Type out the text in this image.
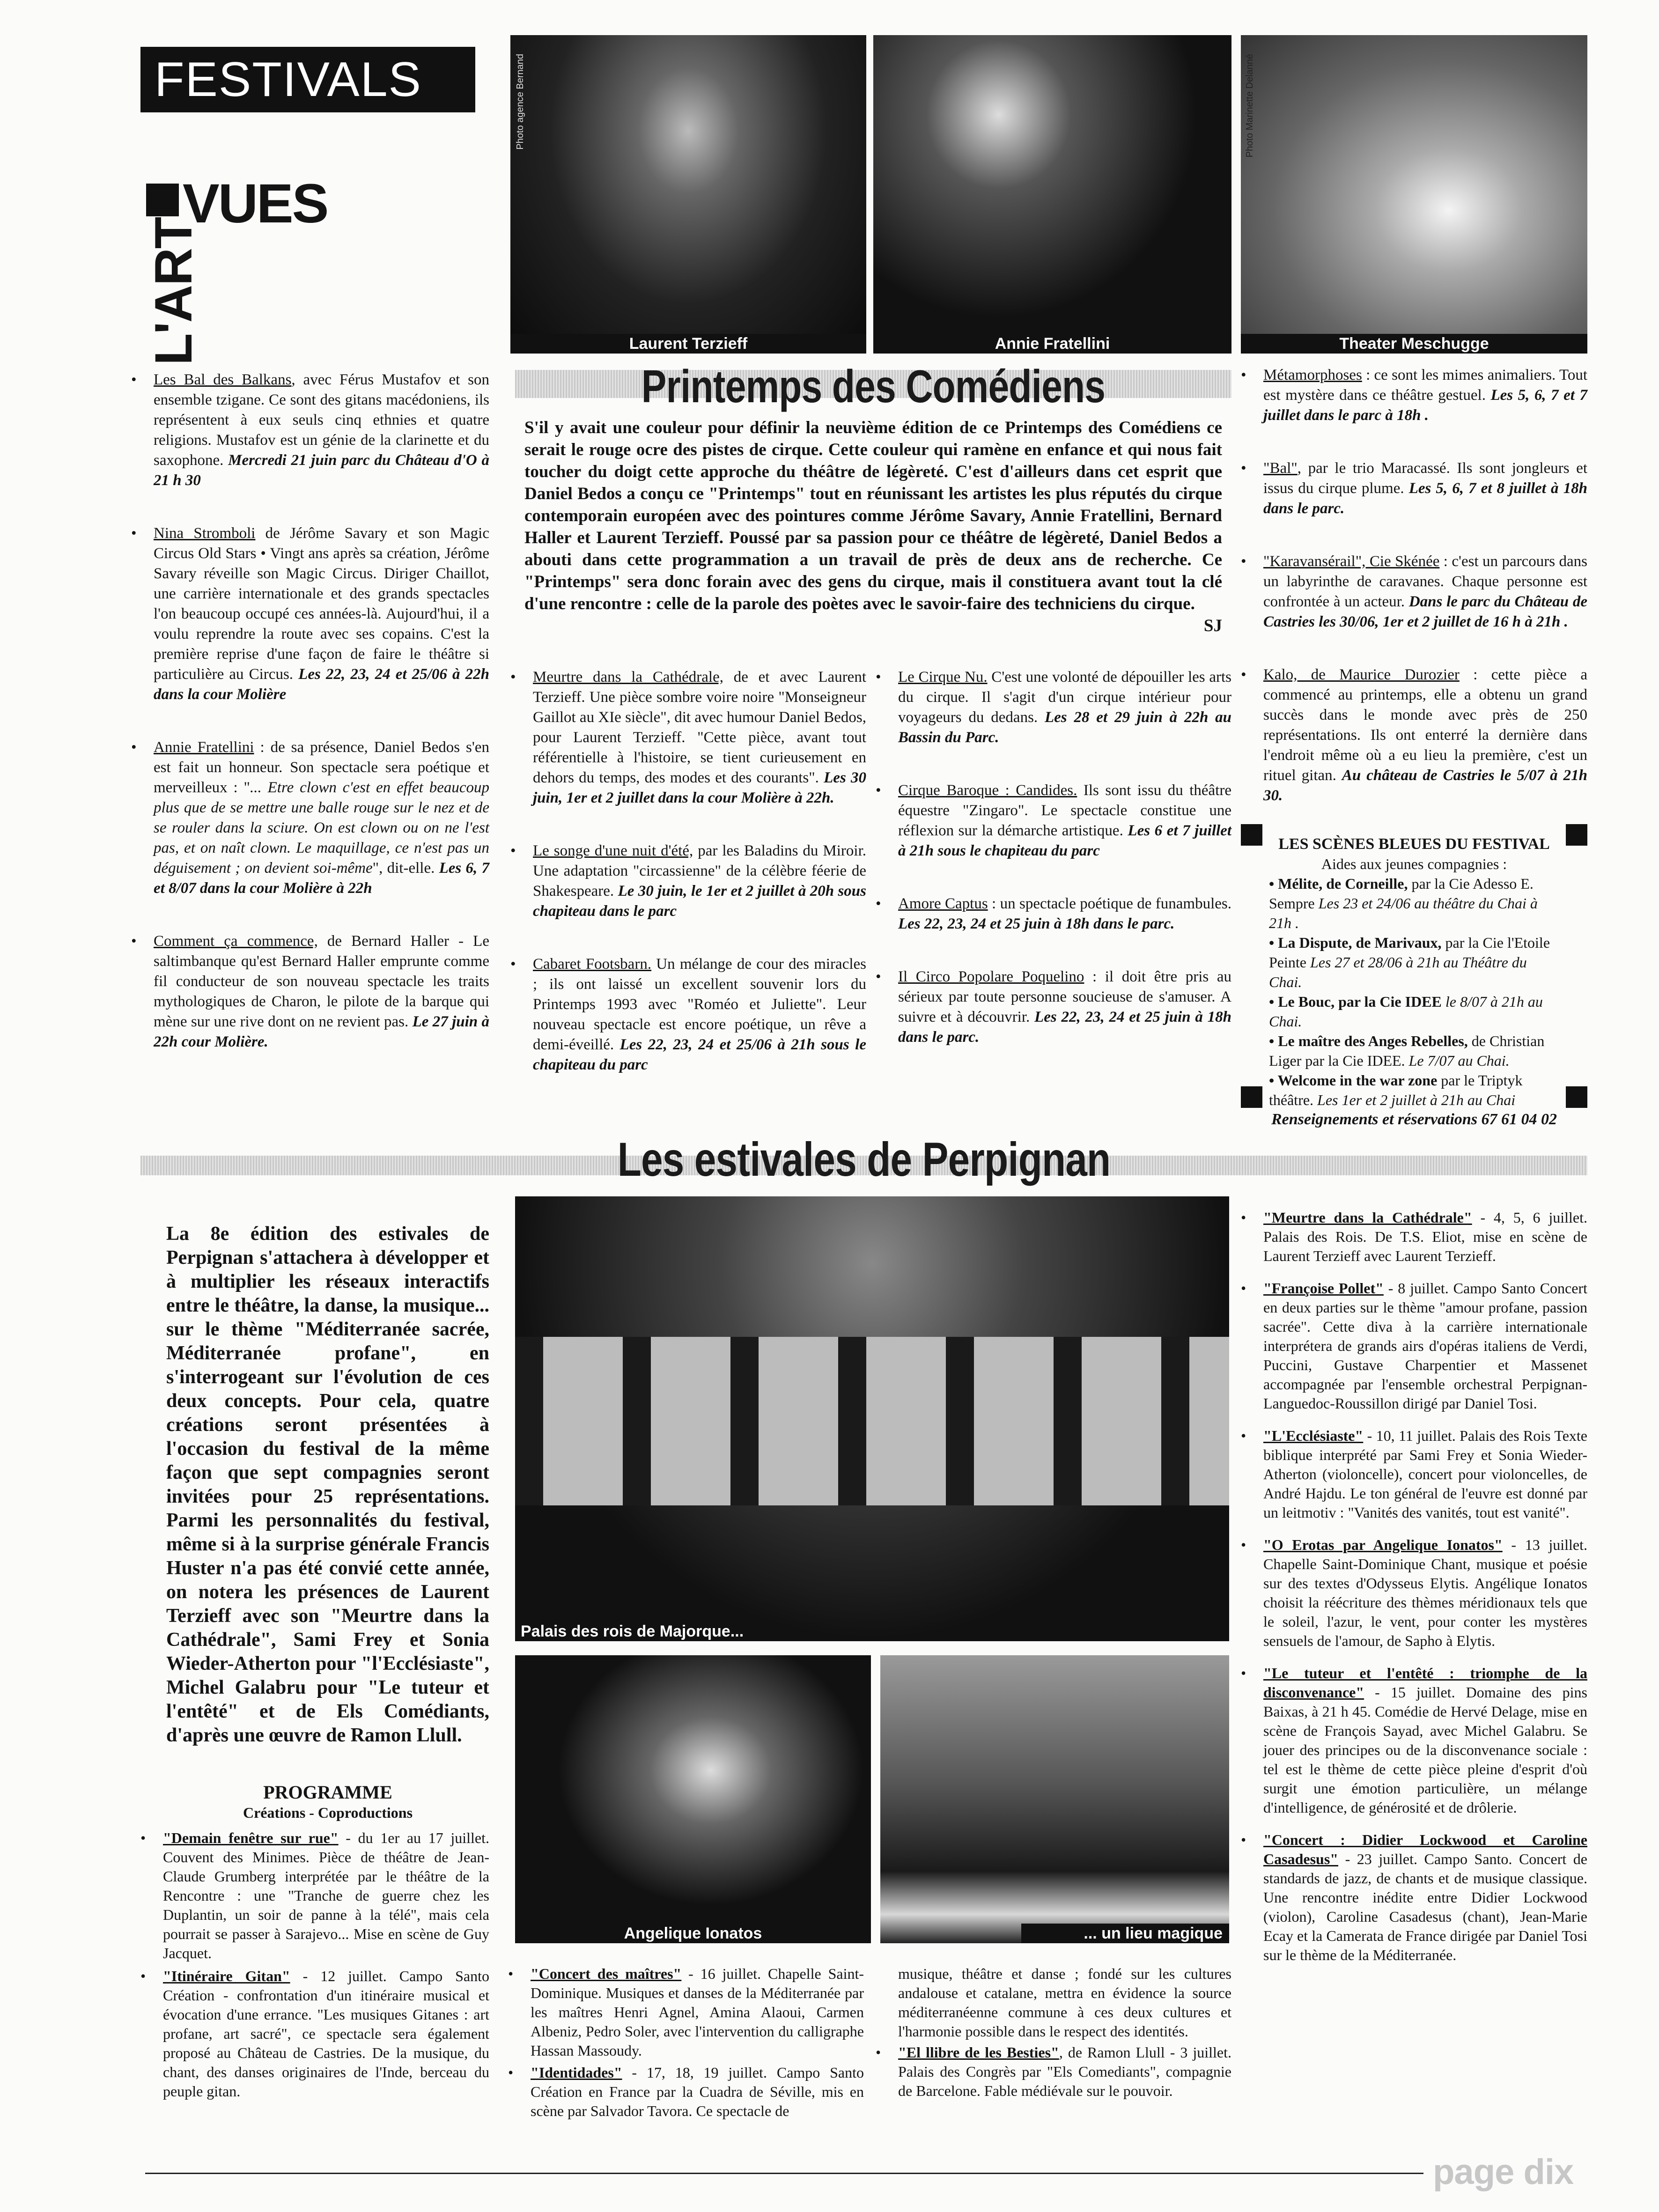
FESTIVALS
L'ART
VUES
Photo agence Bernand
Laurent Terzieff	Annie Fratellini
Photo Marinette Delanné
Theater Meschugge
Printemps des Comédiens
S'il y avait une couleur pour définir la neuvième édition de ce Printemps des Comédiens ce serait le rouge ocre des pistes de cirque. Cette couleur qui ramène en enfance et qui nous fait toucher du doigt cette approche du théâtre de légèreté. C'est d'ailleurs dans cet esprit que Daniel Bedos a conçu ce "Printemps" tout en réunissant les artistes les plus réputés du cirque contemporain européen avec des pointures comme Jérôme Savary, Annie Fratellini, Bernard Haller et Laurent Terzieff. Poussé par sa passion pour ce théâtre de légèreté, Daniel Bedos a abouti dans cette programmation a un travail de près de deux ans de recherche. Ce "Printemps" sera donc forain avec des gens du cirque, mais il constituera avant tout la clé d'une rencontre : celle de la parole des poètes avec le savoir-faire des techniciens du cirque.
SJ

• Les Bal des Balkans, avec Férus Mustafov et son ensemble tzigane. Ce sont des gitans macédoniens, ils représentent à eux seuls cinq ethnies et quatre religions. Mustafov est un génie de la clarinette et du saxophone. Mercredi 21 juin parc du Château d'O à 21 h 30

• Nina Stromboli de Jérôme Savary et son Magic Circus Old Stars • Vingt ans après sa création, Jérôme Savary réveille son Magic Circus. Diriger Chaillot, une carrière internationale et des grands spectacles l'on beaucoup occupé ces années-là. Aujourd'hui, il a voulu reprendre la route avec ses copains. C'est la première reprise d'une façon de faire le théâtre si particulière au Circus. Les 22, 23, 24 et 25/06 à 22h dans la cour Molière

• Annie Fratellini : de sa présence, Daniel Bedos s'en est fait un honneur. Son spectacle sera poétique et merveilleux : "... Etre clown c'est en effet beaucoup plus que de se mettre une balle rouge sur le nez et de se rouler dans la sciure. On est clown ou on ne l'est pas, et on naît clown. Le maquillage, ce n'est pas un déguisement ; on devient soi-même", dit-elle. Les 6, 7 et 8/07 dans la cour Molière à 22h

• Comment ça commence, de Bernard Haller - Le saltimbanque qu'est Bernard Haller emprunte comme fil conducteur de son nouveau spectacle les traits mythologiques de Charon, le pilote de la barque qui mène sur une rive dont on ne revient pas. Le 27 juin à 22h cour Molière.

• Meurtre dans la Cathédrale, de et avec Laurent Terzieff. Une pièce sombre voire noire "Monseigneur Gaillot au XIe siècle", dit avec humour Daniel Bedos, pour Laurent Terzieff. "Cette pièce, avant tout référentielle à l'histoire, se tient curieusement en dehors du temps, des modes et des courants". Les 30 juin, 1er et 2 juillet dans la cour Molière à 22h.

• Le songe d'une nuit d'été, par les Baladins du Miroir. Une adaptation "circassienne" de la célèbre féerie de Shakespeare. Le 30 juin, le 1er et 2 juillet à 20h sous chapiteau dans le parc

• Cabaret Footsbarn. Un mélange de cour des miracles ; ils ont laissé un excellent souvenir lors du Printemps 1993 avec "Roméo et Juliette". Leur nouveau spectacle est encore poétique, un rêve a demi-éveillé. Les 22, 23, 24 et 25/06 à 21h sous le chapiteau du parc

• Le Cirque Nu. C'est une volonté de dépouiller les arts du cirque. Il s'agit d'un cirque intérieur pour voyageurs du dedans. Les 28 et 29 juin à 22h au Bassin du Parc.

• Cirque Baroque : Candides. Ils sont issu du théâtre équestre "Zingaro". Le spectacle constitue une réflexion sur la démarche artistique. Les 6 et 7 juillet à 21h sous le chapiteau du parc

• Amore Captus : un spectacle poétique de funambules. Les 22, 23, 24 et 25 juin à 18h dans le parc.

• Il Circo Popolare Poquelino : il doit être pris au sérieux par toute personne soucieuse de s'amuser. A suivre et à découvrir. Les 22, 23, 24 et 25 juin à 18h dans le parc.

• Métamorphoses : ce sont les mimes animaliers. Tout est mystère dans ce théâtre gestuel. Les 5, 6, 7 et 7 juillet dans le parc à 18h .

• "Bal", par le trio Maracassé. Ils sont jongleurs et issus du cirque plume. Les 5, 6, 7 et 8 juillet à 18h dans le parc.

• "Karavansérail", Cie Skénée : c'est un parcours dans un labyrinthe de caravanes. Chaque personne est confrontée à un acteur. Dans le parc du Château de Castries les 30/06, 1er et 2 juillet de 16 h à 21h .

• Kalo, de Maurice Durozier : cette pièce a commencé au printemps, elle a obtenu un grand succès dans le monde avec près de 250 représentations. Ils ont enterré la dernière dans l'endroit même où a eu lieu la première, c'est un rituel gitan. Au château de Castries le 5/07 à 21h 30.

LES SCÈNES BLEUES DU FESTIVAL
Aides aux jeunes compagnies :

• Mélite, de Corneille, par la Cie Adesso E. Sempre Les 23 et 24/06 au théâtre du Chai à 21h .

• La Dispute, de Marivaux, par la Cie l'Etoile Peinte Les 27 et 28/06 à 21h au Théâtre du Chai.

• Le Bouc, par la Cie IDEE le 8/07 à 21h au Chai.

• Le maître des Anges Rebelles, de Christian Liger par la Cie IDEE. Le 7/07 au Chai.

• Welcome in the war zone par le Triptyk théâtre. Les 1er et 2 juillet à 21h au Chai

Renseignements et réservations 67 61 04 02
Les estivales de Perpignan
La 8e édition des estivales de Perpignan s'attachera à développer et à multiplier les réseaux interactifs entre le théâtre, la danse, la musique... sur le thème "Méditerranée sacrée, Méditerranée profane", en s'interrogeant sur l'évolution de ces deux concepts. Pour cela, quatre créations seront présentées à l'occasion du festival de la même façon que sept compagnies seront invitées pour 25 représentations. Parmi les personnalités du festival, même si à la surprise générale Francis Huster n'a pas été convié cette année, on notera les présences de Laurent Terzieff avec son "Meurtre dans la Cathédrale", Sami Frey et Sonia Wieder-Atherton pour "l'Ecclésiaste", Michel Galabru pour "Le tuteur et l'entêté" et de Els Comédiants, d'après une œuvre de Ramon Llull.
PROGRAMME
Créations - Coproductions

• "Demain fenêtre sur rue" - du 1er au 17 juillet. Couvent des Minimes. Pièce de théâtre de Jean-Claude Grumberg interprétée par le théâtre de la Rencontre : une "Tranche de guerre chez les Duplantin, un soir de panne à la télé", mais cela pourrait se passer à Sarajevo... Mise en scène de Guy Jacquet.

• "Itinéraire Gitan" - 12 juillet. Campo Santo Création - confrontation d'un itinéraire musical et évocation d'une errance. "Les musiques Gitanes : art profane, art sacré", ce spectacle sera également proposé au Château de Castries. De la musique, du chant, des danses originaires de l'Inde, berceau du peuple gitan.

Palais des rois de Majorque...
Angelique Ionatos	... un lieu magique

• "Concert des maîtres" - 16 juillet. Chapelle Saint-Dominique. Musiques et danses de la Méditerranée par les maîtres Henri Agnel, Amina Alaoui, Carmen Albeniz, Pedro Soler, avec l'intervention du calligraphe Hassan Massoudy.

• "Identidades" - 17, 18, 19 juillet. Campo Santo Création en France par la Cuadra de Séville, mis en scène par Salvador Tavora. Ce spectacle de

musique, théâtre et danse ; fondé sur les cultures andalouse et catalane, mettra en évidence la source méditerranéenne commune à ces deux cultures et l'harmonie possible dans le respect des identités.

• "El llibre de les Besties", de Ramon Llull - 3 juillet. Palais des Congrès par "Els Comediants", compagnie de Barcelone. Fable médiévale sur le pouvoir.

• "Meurtre dans la Cathédrale" - 4, 5, 6 juillet. Palais des Rois. De T.S. Eliot, mise en scène de Laurent Terzieff avec Laurent Terzieff.

• "Françoise Pollet" - 8 juillet. Campo Santo Concert en deux parties sur le thème "amour profane, passion sacrée". Cette diva à la carrière internationale interprétera de grands airs d'opéras italiens de Verdi, Puccini, Gustave Charpentier et Massenet accompagnée par l'ensemble orchestral Perpignan-Languedoc-Roussillon dirigé par Daniel Tosi.

• "L'Ecclésiaste" - 10, 11 juillet. Palais des Rois Texte biblique interprété par Sami Frey et Sonia Wieder-Atherton (violoncelle), concert pour violoncelles, de André Hajdu. Le ton général de l'euvre est donné par un leitmotiv : "Vanités des vanités, tout est vanité".

• "O Erotas par Angelique Ionatos" - 13 juillet. Chapelle Saint-Dominique Chant, musique et poésie sur des textes d'Odysseus Elytis. Angélique Ionatos choisit la réécriture des thèmes méridionaux tels que le soleil, l'azur, le vent, pour conter les mystères sensuels de l'amour, de Sapho à Elytis.

• "Le tuteur et l'entêté : triomphe de la disconvenance" - 15 juillet. Domaine des pins Baixas, à 21 h 45. Comédie de Hervé Delage, mise en scène de François Sayad, avec Michel Galabru. Se jouer des principes ou de la disconvenance sociale : tel est le thème de cette pièce pleine d'esprit d'où surgit une émotion particulière, un mélange d'intelligence, de générosité et de drôlerie.

• "Concert : Didier Lockwood et Caroline Casadesus" - 23 juillet. Campo Santo. Concert de standards de jazz, de chants et de musique classique. Une rencontre inédite entre Didier Lockwood (violon), Caroline Casadesus (chant), Jean-Marie Ecay et la Camerata de France dirigée par Daniel Tosi sur le thème de la Méditerranée.

page dix
